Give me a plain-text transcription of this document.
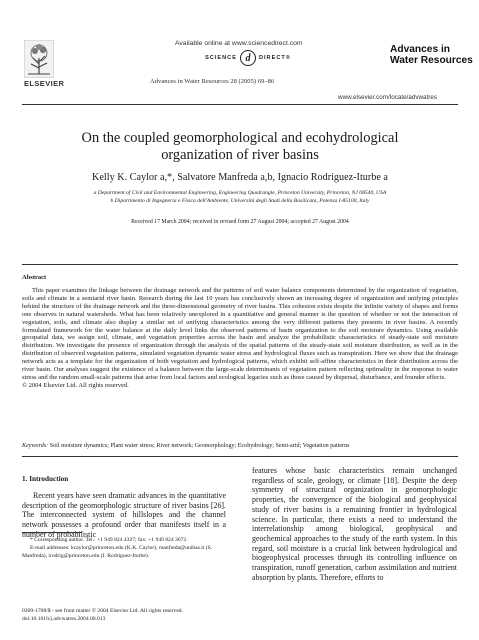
Available online at www.sciencedirect.com
SCIENCE d	DIRECT®
ELSEVIER	Advances in Water Resources 28 (2005) 69–86
Advances in
Water Resources
www.elsevier.com/locate/advwatres
On the coupled geomorphological and ecohydrological
organization of river basins
Kelly K. Caylor a,*, Salvatore Manfreda a,b, Ignacio Rodriguez-Iturbe a
a Department of Civil and Environmental Engineering, Engineering Quadrangle, Princeton University, Princeton, NJ 08540, USA
b Dipartimento di Ingegneria e Fisica dell'Ambiente, Università degli Studi della Basilicata, Potenza I-85100, Italy
Received 17 March 2004; received in revised form 27 August 2004; accepted 27 August 2004
Abstract
This paper examines the linkage between the drainage network and the patterns of soil water balance components determined by the organization of vegetation, soils and climate in a semiarid river basin. Research during the last 10 years has conclusively shown an increasing degree of organization and unifying principles behind the structure of the drainage network and the three-dimensional geometry of river basins. This cohesion exists despite the infinite variety of shapes and forms one observes in natural watersheds. What has been relatively unexplored in a quantitative and general manner is the question of whether or not the interaction of vegetation, soils, and climate also display a similar set of unifying characteristics among the very different patterns they presents in river basins. A recently formulated framework for the water balance at the daily level links the observed patterns of basin organization to the soil moisture dynamics. Using available geospatial data, we assign soil, climate, and vegetation properties across the basin and analyze the probabilistic characteristics of steady-state soil moisture distribution. We investigate the presence of organization through the analysis of the spatial patterns of the steady-state soil moisture distribution, as well as in the distribution of observed vegetation patterns, simulated vegetation dynamic water stress and hydrological fluxes such as transpiration. Here we show that the drainage network acts as a template for the organization of both vegetation and hydrological patterns, which exhibit self-affine characteristics in their distribution across the river basin. Our analyses suggest the existence of a balance between the large-scale determinants of vegetation pattern reflecting optimality in the response to water stress and the random small-scale patterns that arise from local factors and ecological legacies such as those caused by dispersal, disturbance, and founder effects.
© 2004 Elsevier Ltd. All rights reserved.
Keywords: Soil moisture dynamics; Plant water stress; River network; Geomorphology; Ecohydrology; Semi-arid; Vegetation patterns
1. Introduction
Recent years have seen dramatic advances in the quantitative description of the geomorphologic structure of river basins [26]. The interconnected system of hillslopes and the channel network possesses a profound order that manifests itself in a number of probabilistic
features whose basic characteristics remain unchanged regardless of scale, geology, or climate [18]. Despite the deep symmetry of structural organization in geomorphologic properties, the convergence of the biological and geophysical study of river basins is a remaining frontier in hydrological science. In particular, there exists a need to understand the interrelationship among biological, geophysical and geochemical approaches to the study of the earth system. In this regard, soil moisture is a crucial link between hydrological and biogeophysical processes through its controlling influence on transpiration, runoff generation, carbon assimilation and nutrient absorption by plants. Therefore, efforts to
* Corresponding author. Tel.: +1 949 824 4327; fax: +1 949 824 3672.
E-mail addresses: kcaylor@princeton.edu (K.K. Caylor), manfreda@unibas.it (S. Manfreda), irodrig@princeton.edu (I. Rodriguez-Iturbe).
0309-1708/$ - see front matter © 2004 Elsevier Ltd. All rights reserved.
doi:10.1016/j.advwatres.2004.08.013
